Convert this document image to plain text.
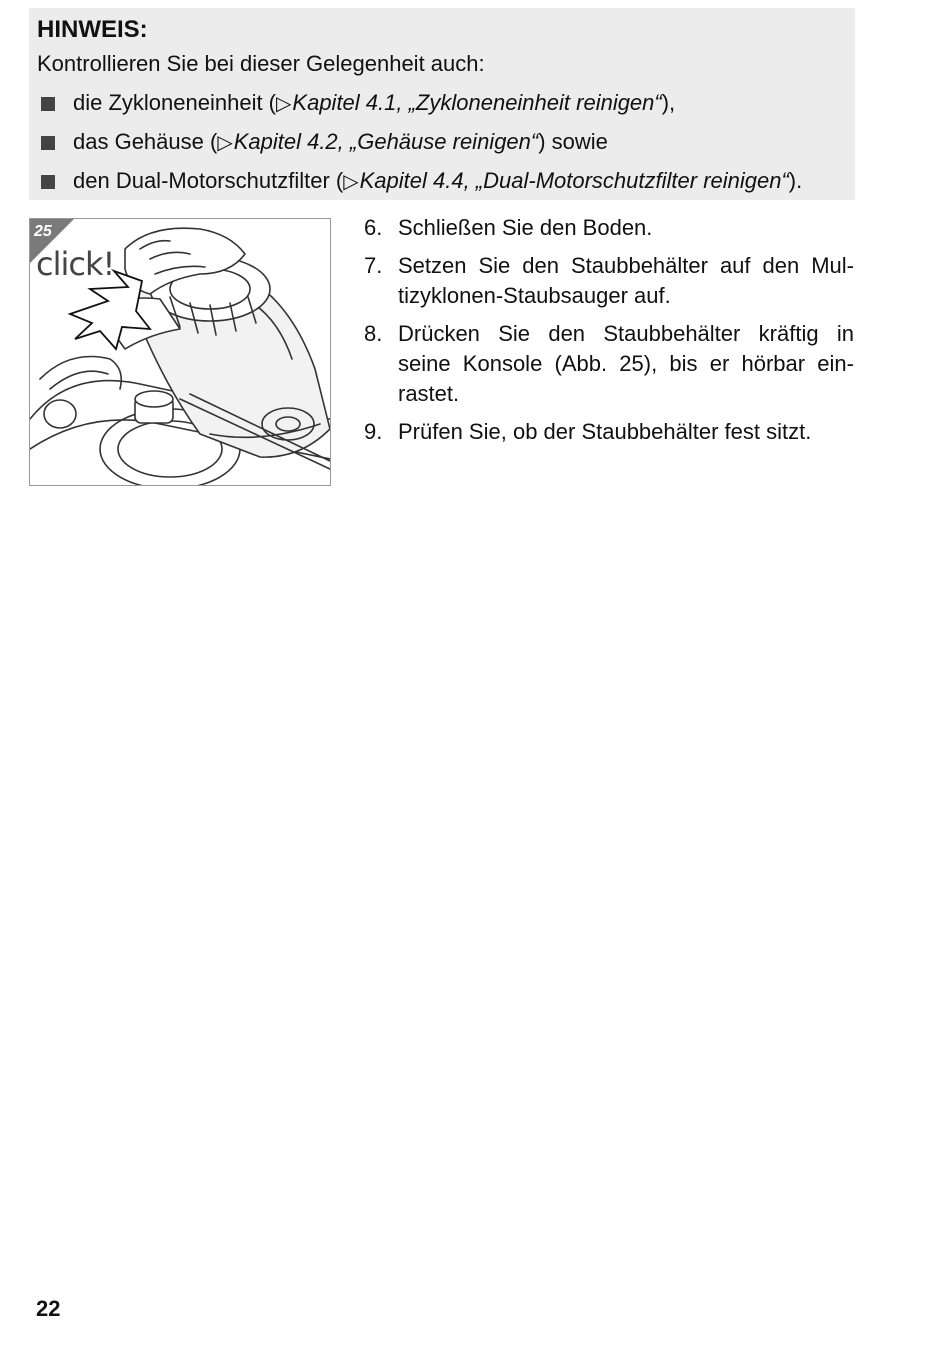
HINWEIS:

Kontrollieren Sie bei dieser Gelegenheit auch:

die Zykloneneinheit (▷Kapitel 4.1, „Zykloneneinheit reinigen“),
das Gehäuse (▷Kapitel 4.2, „Gehäuse reinigen“) sowie
den Dual-Motorschutzfilter (▷Kapitel 4.4, „Dual-Motorschutzfilter reinigen“).
25
click!
6. Schließen Sie den Boden.
7. Setzen Sie den Staubbehälter auf den Mul-
tizyklonen-Staubsauger auf.
8. Drücken Sie den Staubbehälter kräftig in
seine Konsole (Abb. 25), bis er hörbar ein-
rastet.
9. Prüfen Sie, ob der Staubbehälter fest sitzt.
22
